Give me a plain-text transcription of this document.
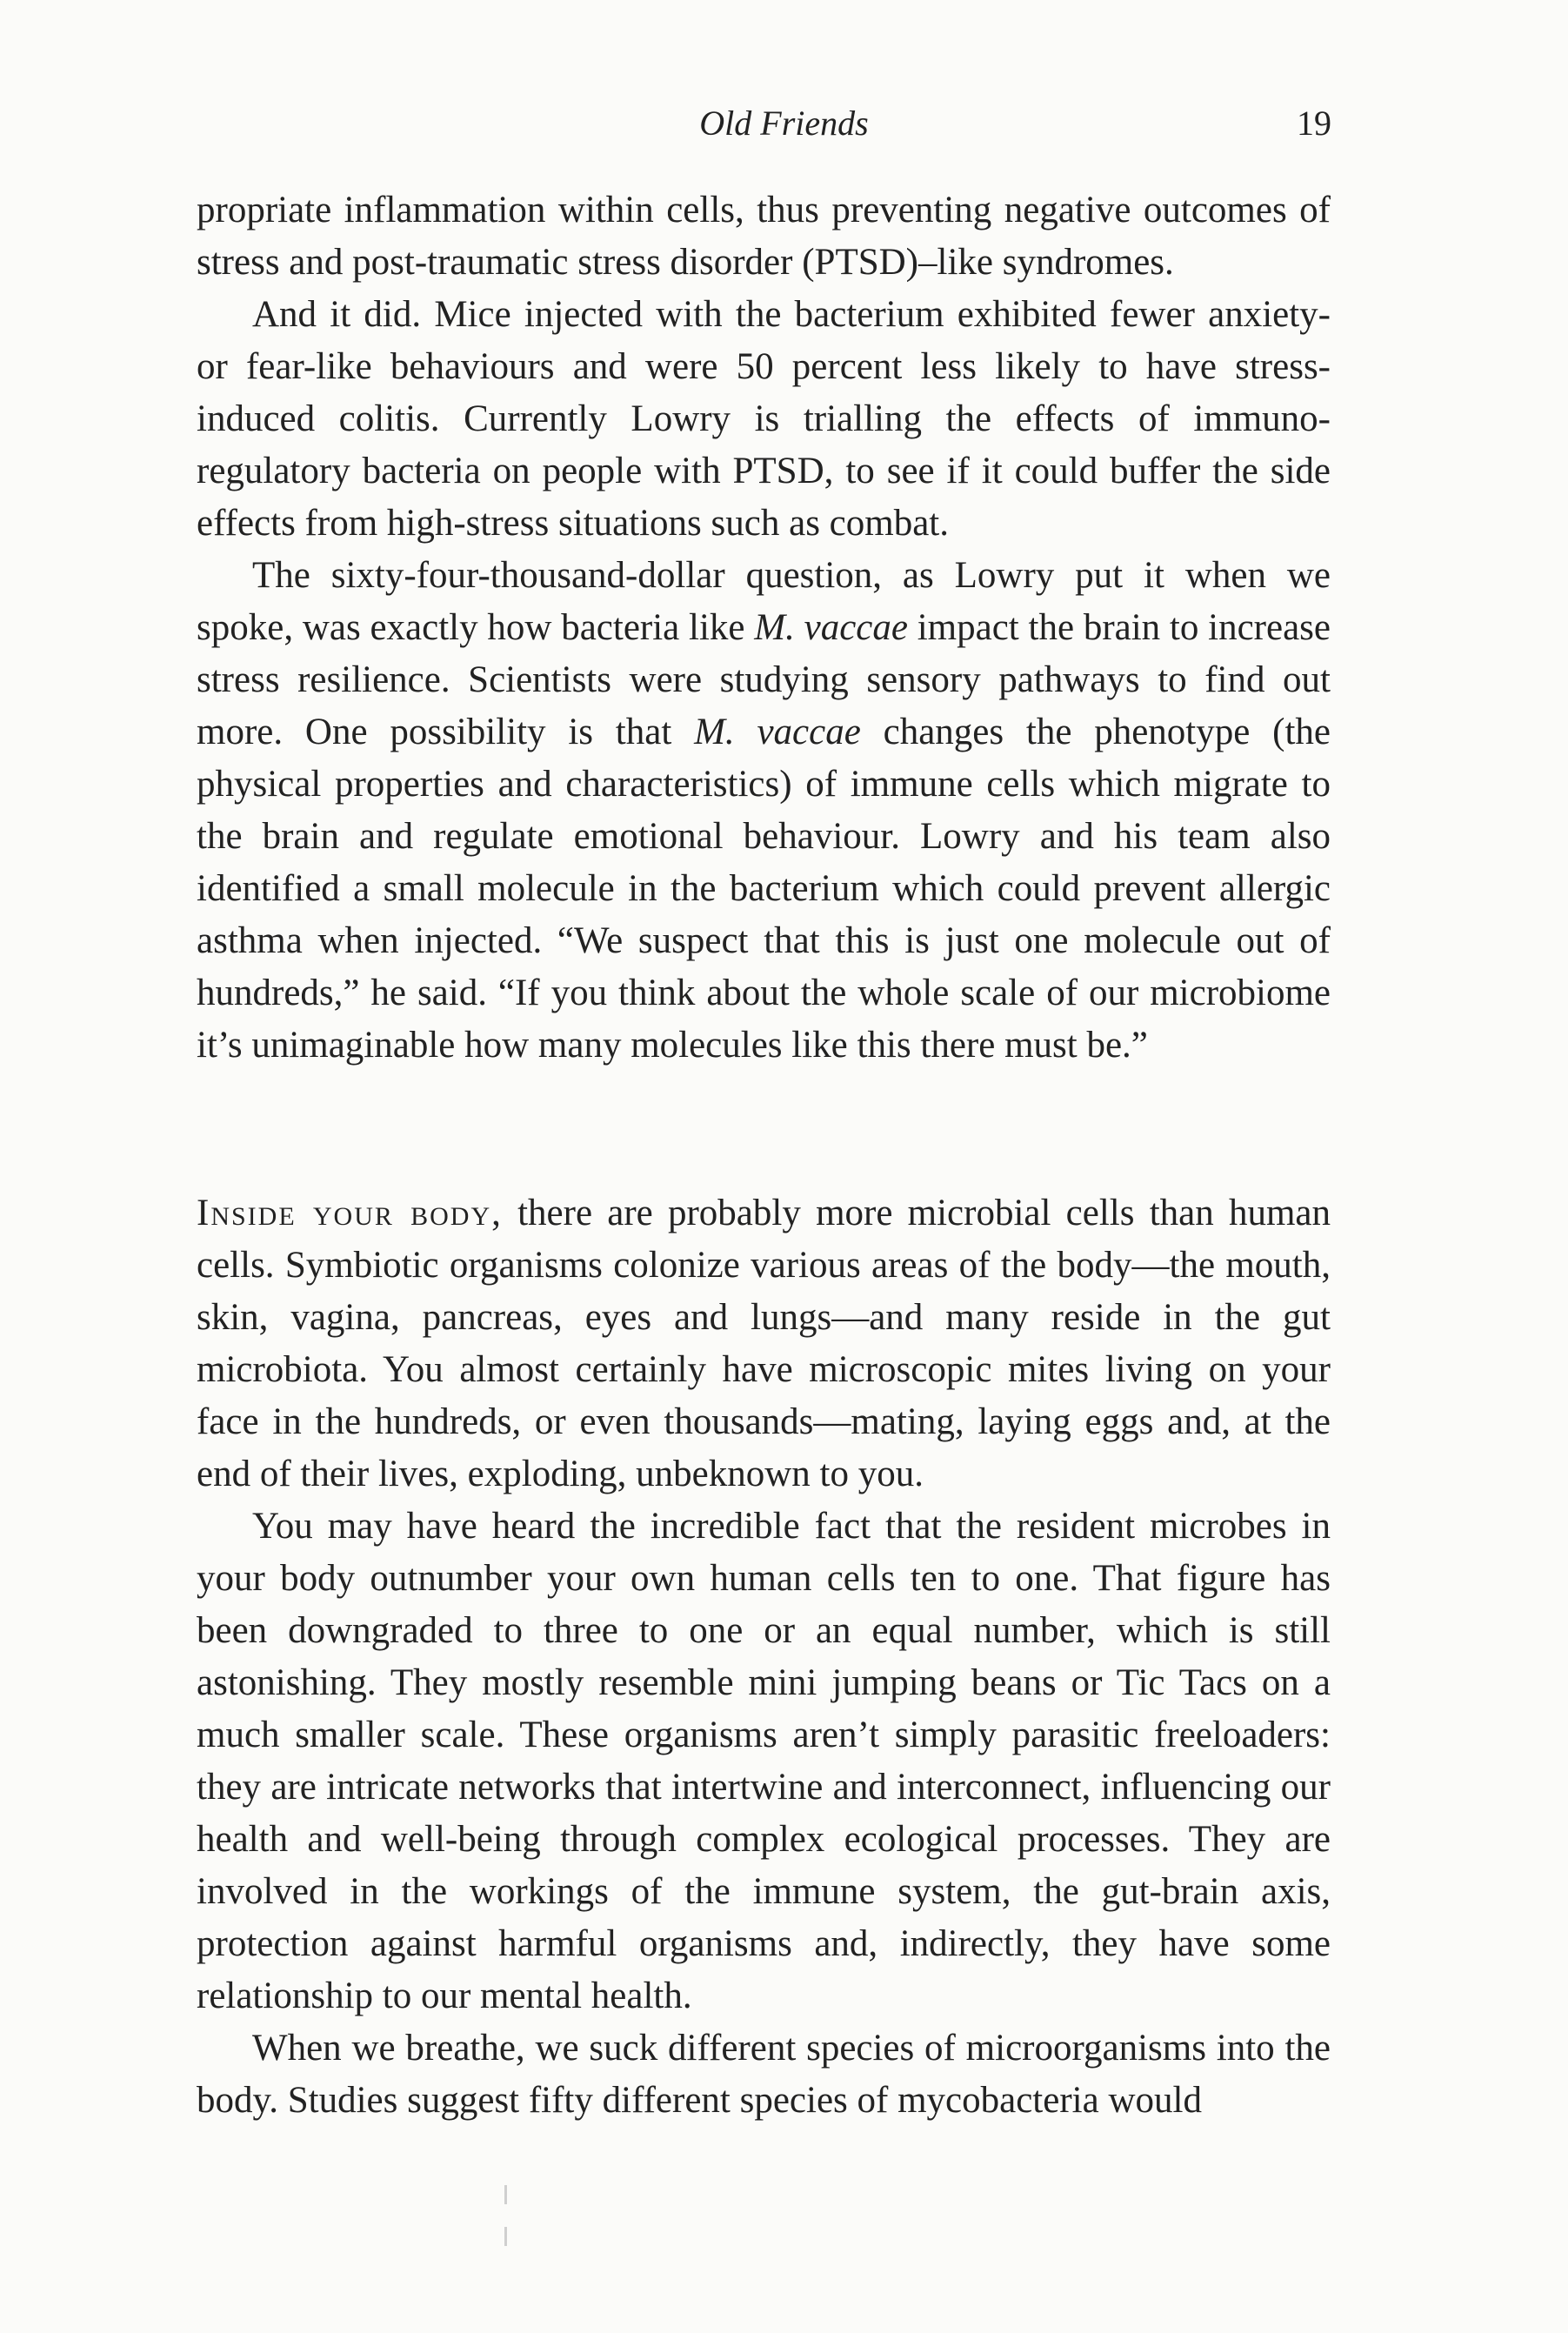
Old Friends	19

propriate inflammation within cells, thus preventing negative outcomes of stress and post-traumatic stress disorder (PTSD)–like syndromes.

And it did. Mice injected with the bacterium exhibited fewer anxiety- or fear-like behaviours and were 50 percent less likely to have stress-induced colitis. Currently Lowry is trialling the effects of immuno-regulatory bacteria on people with PTSD, to see if it could buffer the side effects from high-stress situations such as combat.

The sixty-four-thousand-dollar question, as Lowry put it when we spoke, was exactly how bacteria like M. vaccae impact the brain to increase stress resilience. Scientists were studying sensory pathways to find out more. One possibility is that M. vaccae changes the phenotype (the physical properties and characteristics) of immune cells which migrate to the brain and regulate emotional behaviour. Lowry and his team also identified a small molecule in the bacterium which could prevent allergic asthma when injected. “We suspect that this is just one molecule out of hundreds,” he said. “If you think about the whole scale of our microbiome it’s unimaginable how many molecules like this there must be.”

Inside your body, there are probably more microbial cells than human cells. Symbiotic organisms colonize various areas of the body—the mouth, skin, vagina, pancreas, eyes and lungs—and many reside in the gut microbiota. You almost certainly have microscopic mites living on your face in the hundreds, or even thousands—mating, laying eggs and, at the end of their lives, exploding, unbeknown to you.

You may have heard the incredible fact that the resident microbes in your body outnumber your own human cells ten to one. That figure has been downgraded to three to one or an equal number, which is still astonishing. They mostly resemble mini jumping beans or Tic Tacs on a much smaller scale. These organisms aren’t simply parasitic freeloaders: they are intricate networks that intertwine and interconnect, influencing our health and well-being through complex ecological processes. They are involved in the workings of the immune system, the gut-brain axis, protection against harmful organisms and, indirectly, they have some relationship to our mental health.

When we breathe, we suck different species of microorganisms into the body. Studies suggest fifty different species of mycobacteria would
